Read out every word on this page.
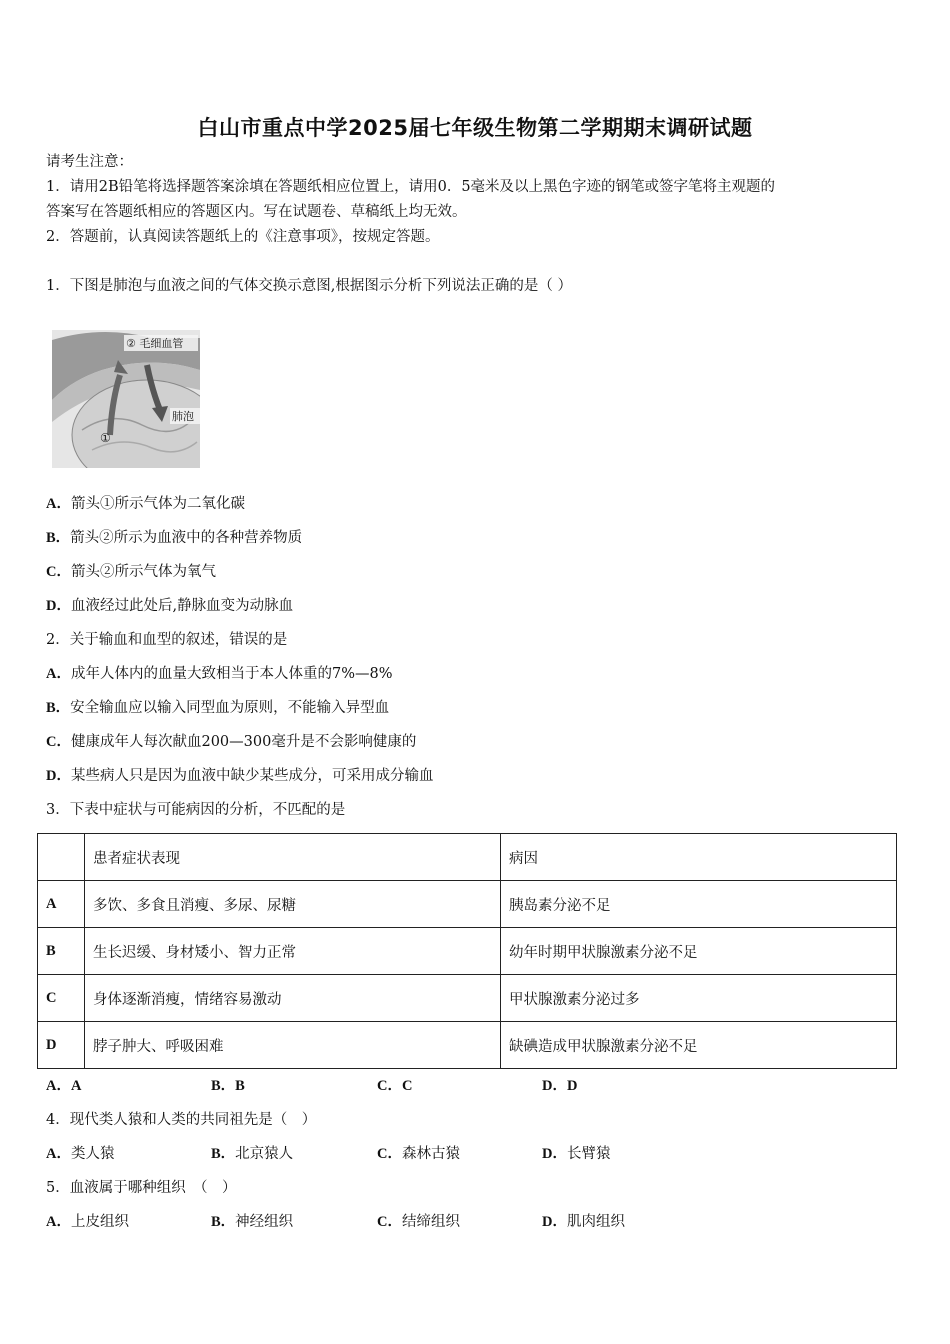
白山市重点中学2025届七年级生物第二学期期末调研试题
请考生注意：
1．请用2B铅笔将选择题答案涂填在答题纸相应位置上，请用0．5毫米及以上黑色字迹的钢笔或签字笔将主观题的
答案写在答题纸相应的答题区内。写在试题卷、草稿纸上均无效。
2．答题前，认真阅读答题纸上的《注意事项》，按规定答题。
1．下图是肺泡与血液之间的气体交换示意图,根据图示分析下列说法正确的是（ ）
② 毛细血管
肺泡
①
A．箭头①所示气体为二氧化碳
B．箭头②所示为血液中的各种营养物质
C．箭头②所示气体为氧气
D．血液经过此处后,静脉血变为动脉血
2．关于输血和血型的叙述，错误的是
A．成年人体内的血量大致相当于本人体重的7%—8%
B．安全输血应以输入同型血为原则，不能输入异型血
C．健康成年人每次献血200—300毫升是不会影响健康的
D．某些病人只是因为血液中缺少某些成分，可采用成分输血
3．下表中症状与可能病因的分析，不匹配的是
	患者症状表现	病因
A	多饮、多食且消瘦、多尿、尿糖	胰岛素分泌不足
B	生长迟缓、身材矮小、智力正常	幼年时期甲状腺激素分泌不足
C	身体逐渐消瘦，情绪容易激动	甲状腺激素分泌过多
D	脖子肿大、呼吸困难	缺碘造成甲状腺激素分泌不足
A．A	B．B	C．C	D．D
4．现代类人猿和人类的共同祖先是（　）
A．类人猿	B．北京猿人	C．森林古猿	D．长臂猿
5．血液属于哪种组织　（　）
A．上皮组织	B．神经组织	C．结缔组织	D．肌肉组织
